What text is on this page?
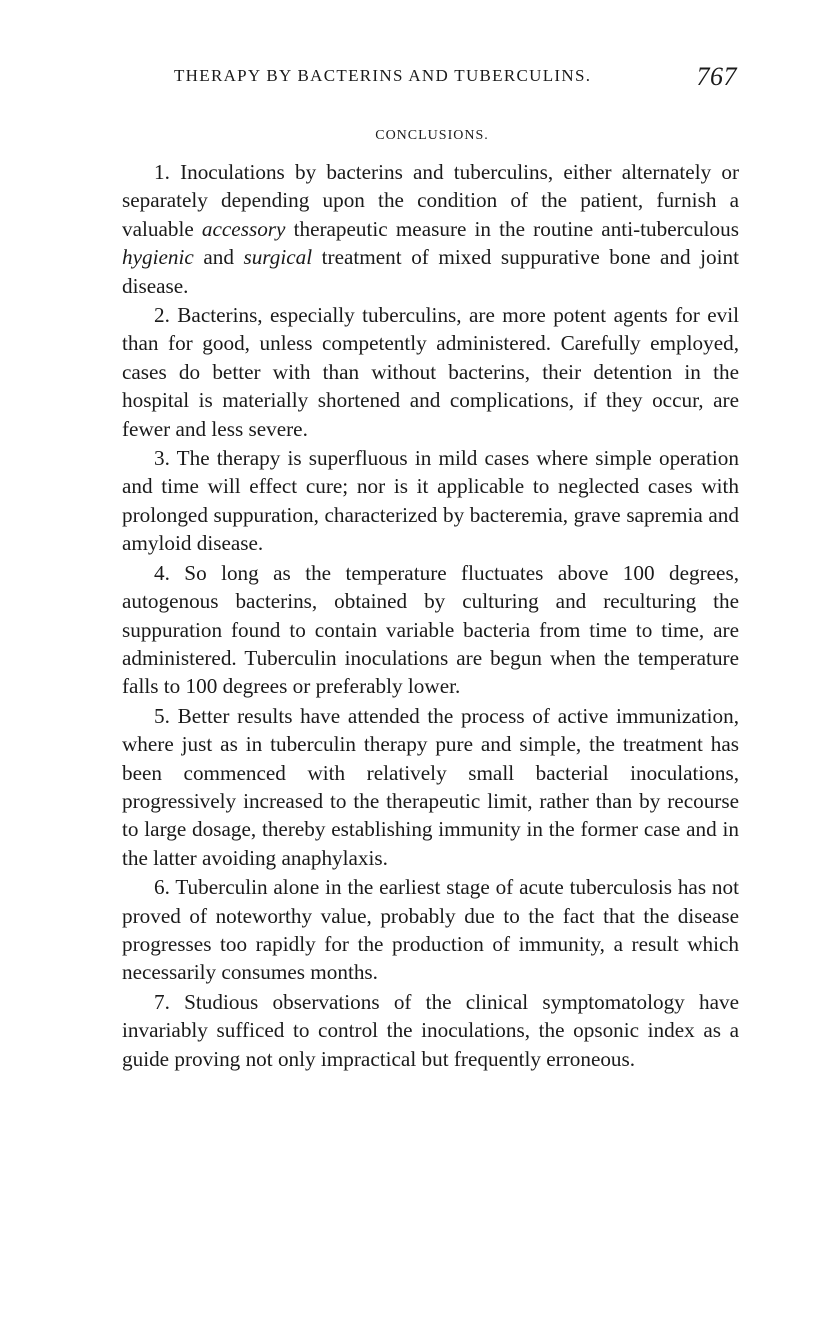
THERAPY BY BACTERINS AND TUBERCULINS.	767
CONCLUSIONS.

1. Inoculations by bacterins and tuberculins, either alternately or separately depending upon the condition of the patient, furnish a valuable accessory therapeutic measure in the routine anti-tuberculous hygienic and surgical treatment of mixed suppurative bone and joint disease.

2. Bacterins, especially tuberculins, are more potent agents for evil than for good, unless competently administered. Carefully employed, cases do better with than without bacterins, their detention in the hospital is materially shortened and complications, if they occur, are fewer and less severe.

3. The therapy is superfluous in mild cases where simple operation and time will effect cure; nor is it applicable to neglected cases with prolonged suppuration, characterized by bacteremia, grave sapremia and amyloid disease.

4. So long as the temperature fluctuates above 100 degrees, autogenous bacterins, obtained by culturing and reculturing the suppuration found to contain variable bacteria from time to time, are administered. Tuberculin inoculations are begun when the temperature falls to 100 degrees or preferably lower.

5. Better results have attended the process of active immunization, where just as in tuberculin therapy pure and simple, the treatment has been commenced with relatively small bacterial inoculations, progressively increased to the therapeutic limit, rather than by recourse to large dosage, thereby establishing immunity in the former case and in the latter avoiding anaphylaxis.

6. Tuberculin alone in the earliest stage of acute tuberculosis has not proved of noteworthy value, probably due to the fact that the disease progresses too rapidly for the production of immunity, a result which necessarily consumes months.

7. Studious observations of the clinical symptomatology have invariably sufficed to control the inoculations, the opsonic index as a guide proving not only impractical but frequently erroneous.
